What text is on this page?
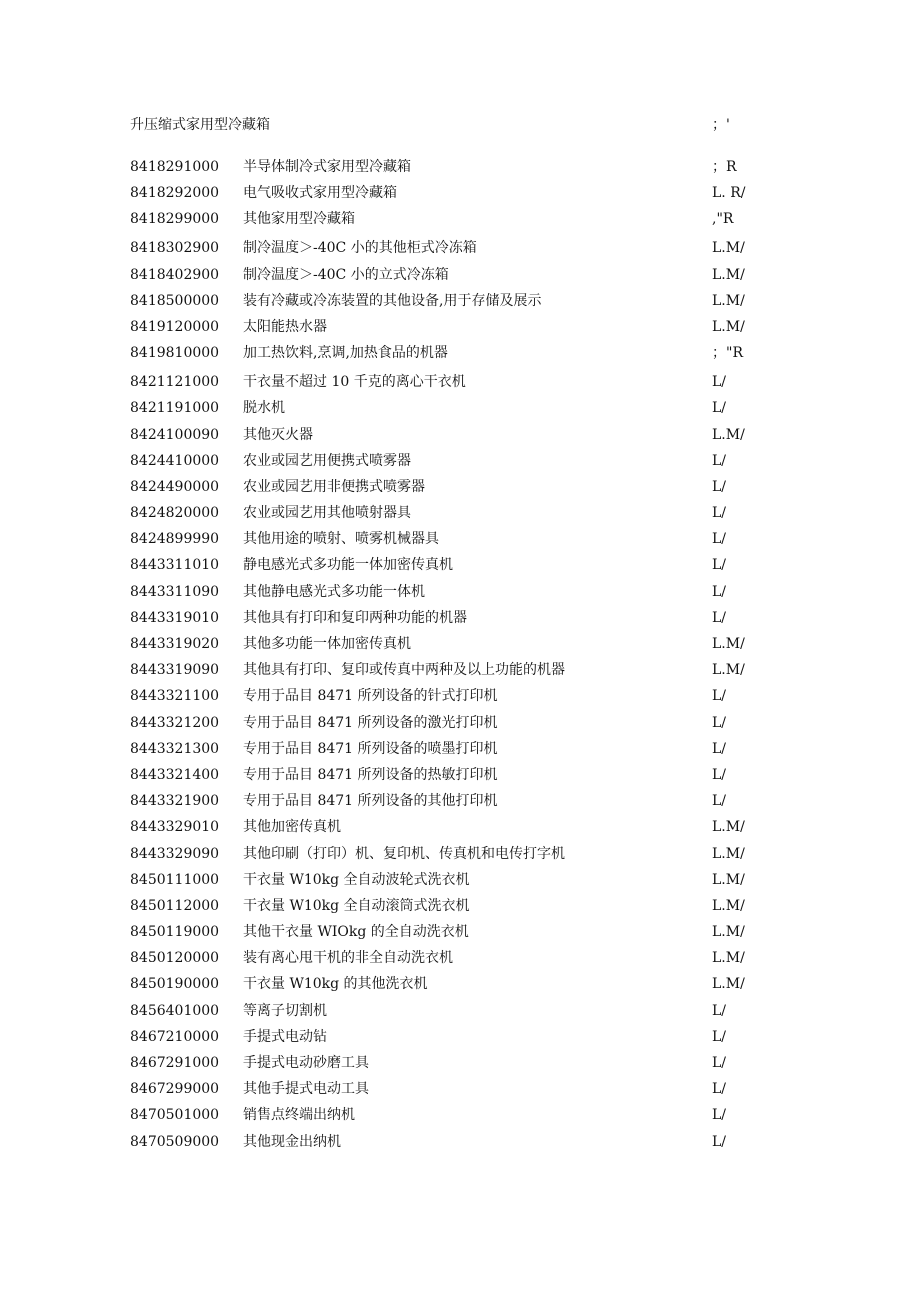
升压缩式家用型冷藏箱	；'
8418291000 半导体制冷式家用型冷藏箱	；R
8418292000 电气吸收式家用型冷藏箱	L. R/
8418299000 其他家用型冷藏箱	,"R
8418302900 制冷温度＞-40C 小的其他柜式冷冻箱	L.M/
8418402900 制冷温度＞-40C 小的立式冷冻箱	L.M/
8418500000 装有冷藏或冷冻装置的其他设备,用于存储及展示	L.M/
8419120000 太阳能热水器	L.M/
8419810000 加工热饮料,烹调,加热食品的机器	；"R
8421121000 干衣量不超过 10 千克的离心干衣机	L/
8421191000 脱水机	L/
8424100090 其他灭火器	L.M/
8424410000 农业或园艺用便携式喷雾器	L/
8424490000 农业或园艺用非便携式喷雾器	L/
8424820000 农业或园艺用其他喷射器具	L/
8424899990 其他用途的喷射、喷雾机械器具	L/
8443311010 静电感光式多功能一体加密传真机	L/
8443311090 其他静电感光式多功能一体机	L/
8443319010 其他具有打印和复印两种功能的机器	L/
8443319020 其他多功能一体加密传真机	L.M/
8443319090 其他具有打印、复印或传真中两种及以上功能的机器	L.M/
8443321100 专用于品目 8471 所列设备的针式打印机	L/
8443321200 专用于品目 8471 所列设备的激光打印机	L/
8443321300 专用于品目 8471 所列设备的喷墨打印机	L/
8443321400 专用于品目 8471 所列设备的热敏打印机	L/
8443321900 专用于品目 8471 所列设备的其他打印机	L/
8443329010 其他加密传真机	L.M/
8443329090 其他印刷（打印）机、复印机、传真机和电传打字机	L.M/
8450111000 干衣量 W10kg 全自动波轮式洗衣机	L.M/
8450112000 干衣量 W10kg 全自动滚筒式洗衣机	L.M/
8450119000 其他干衣量 WIOkg 的全自动洗衣机	L.M/
8450120000 装有离心甩干机的非全自动洗衣机	L.M/
8450190000 干衣量 W10kg 的其他洗衣机	L.M/
8456401000 等离子切割机	L/
8467210000 手提式电动钻	L/
8467291000 手提式电动砂磨工具	L/
8467299000 其他手提式电动工具	L/
8470501000 销售点终端出纳机	L/
8470509000 其他现金出纳机	L/
